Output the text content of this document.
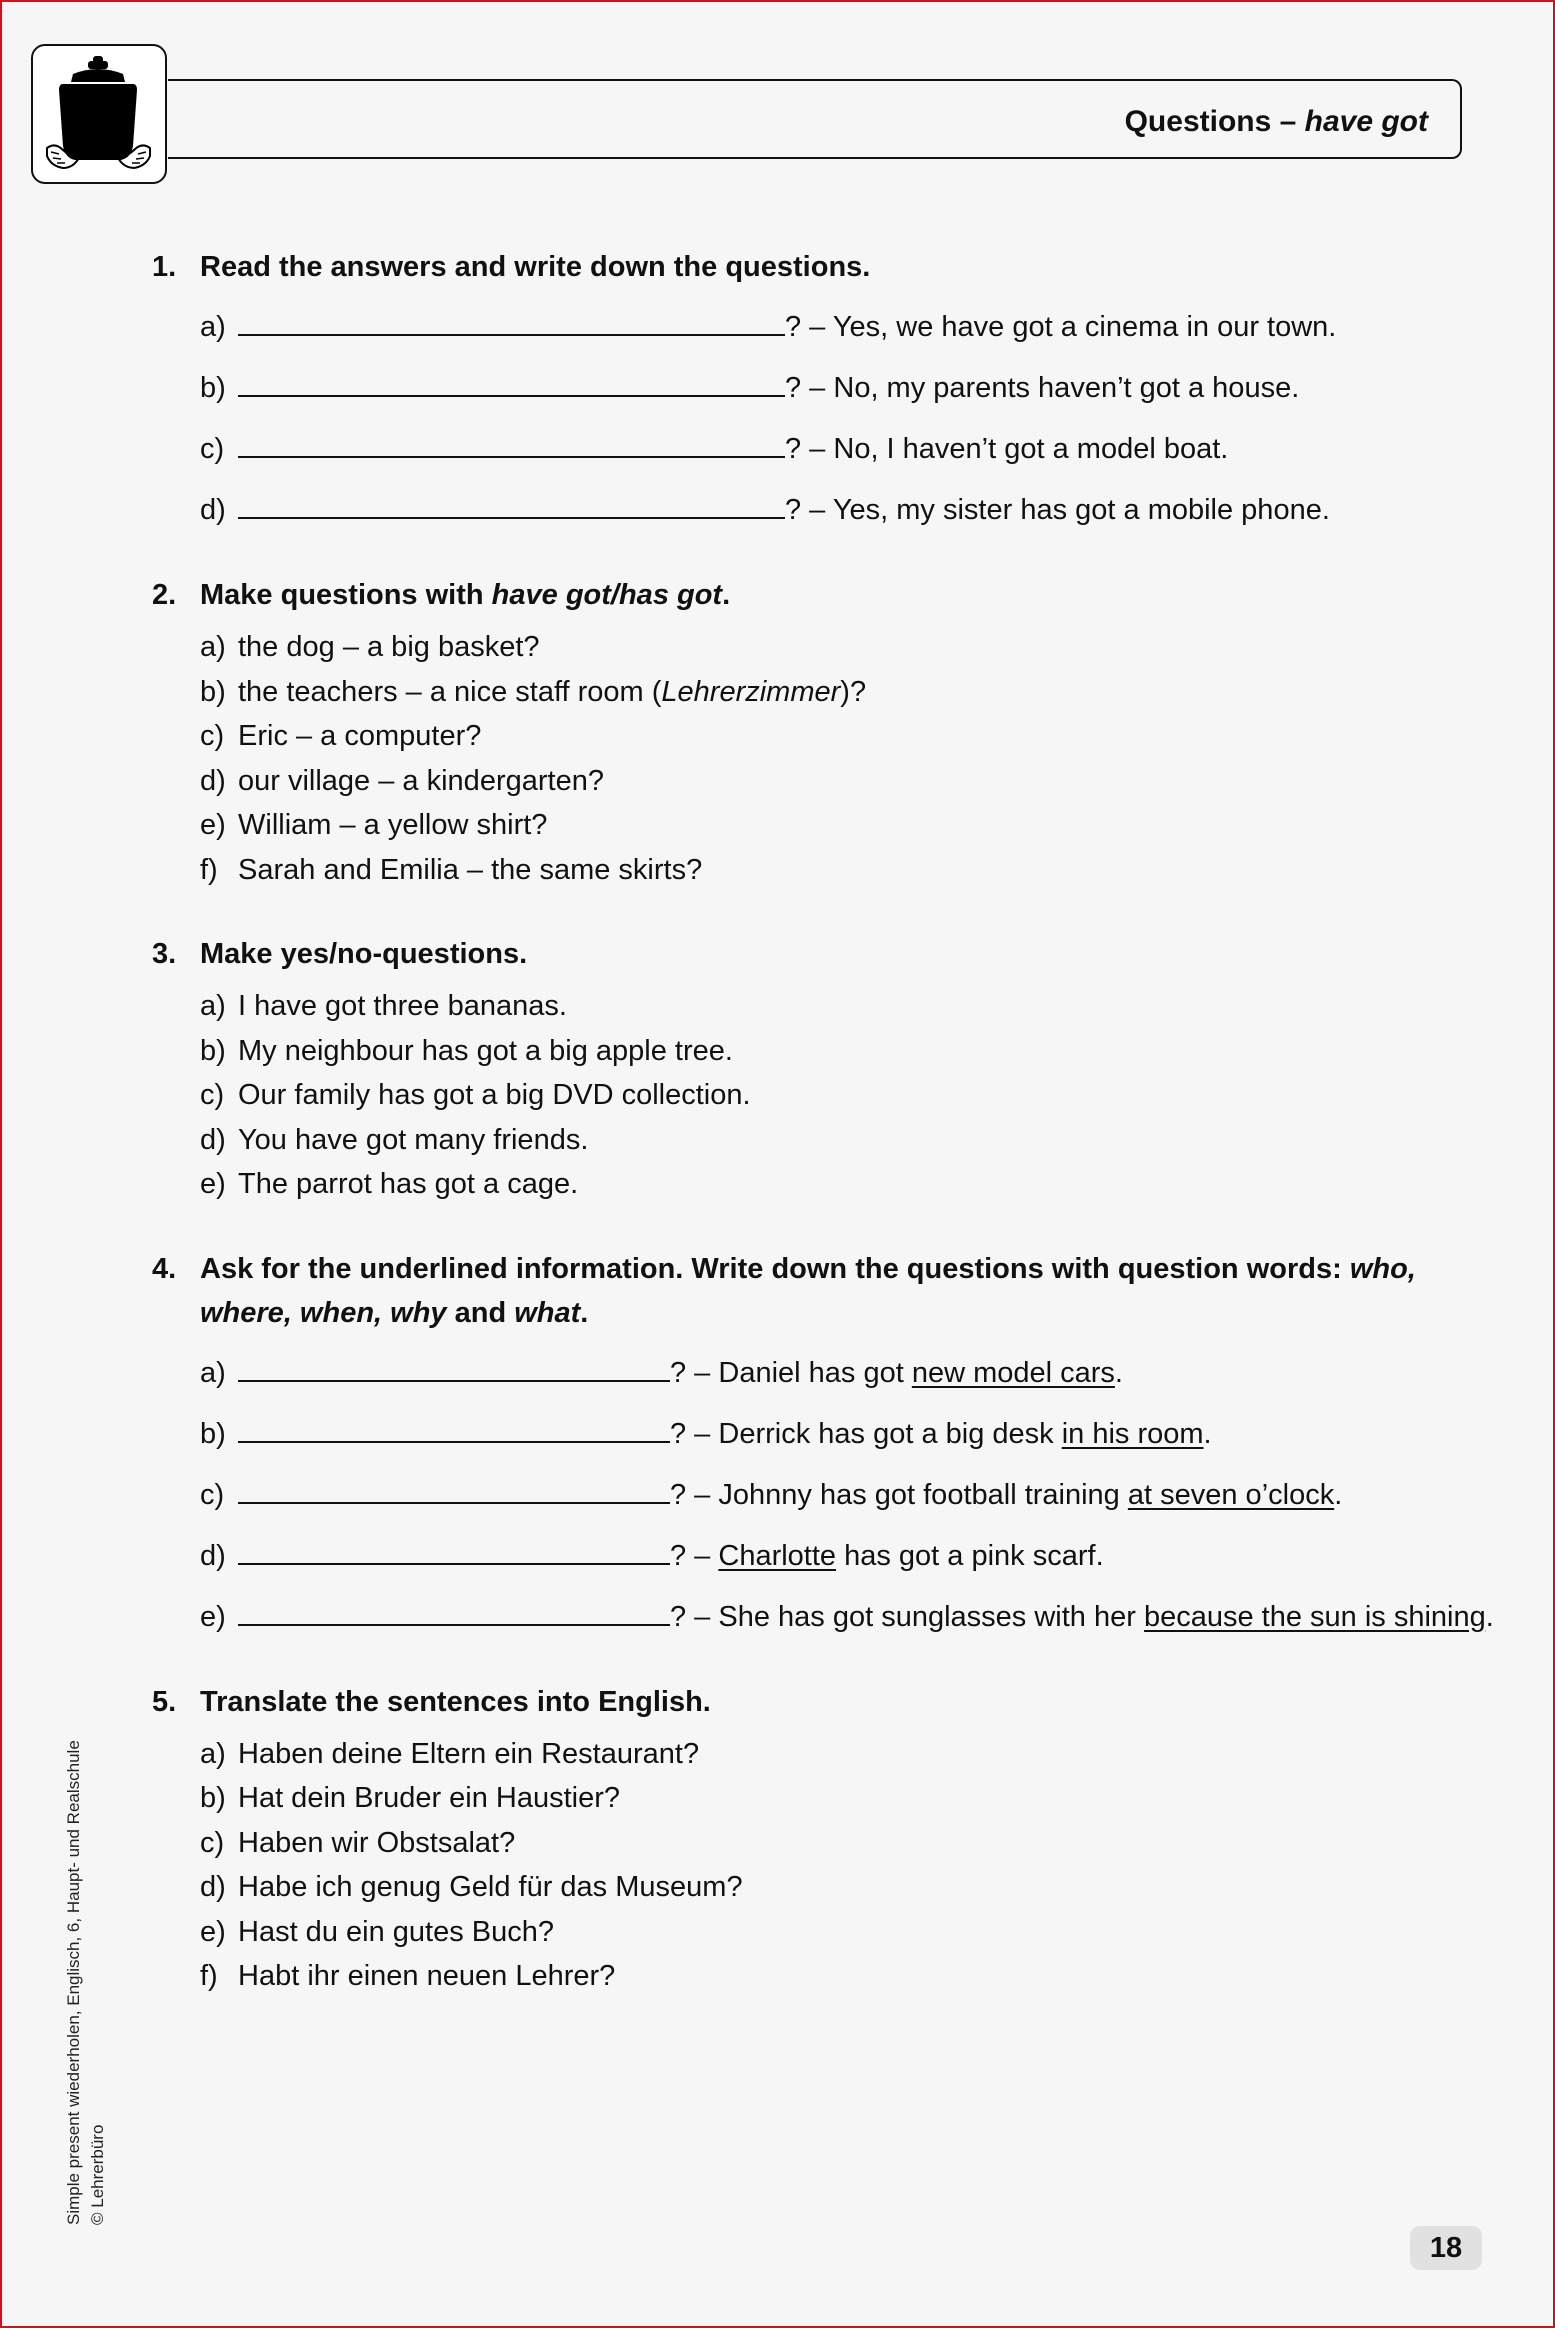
Questions – have got
1. Read the answers and write down the questions.
a)	? – Yes, we have got a cinema in our town.
b)	? – No, my parents haven’t got a house.
c)	? – No, I haven’t got a model boat.
d)	? – Yes, my sister has got a mobile phone.
2. Make questions with have got/has got.
a) the dog – a big basket?
b) the teachers – a nice staff room (Lehrerzimmer)?
c) Eric – a computer?
d) our village – a kindergarten?
e) William – a yellow shirt?
f) Sarah and Emilia – the same skirts?
3. Make yes/no-questions.
a) I have got three bananas.
b) My neighbour has got a big apple tree.
c) Our family has got a big DVD collection.
d) You have got many friends.
e) The parrot has got a cage.
4. Ask for the underlined information. Write down the questions with question words: who,
where, when, why and what.
a)	? – Daniel has got new model cars.
b)	? – Derrick has got a big desk in his room.
c)	? – Johnny has got football training at seven o’clock.
d)	? – Charlotte has got a pink scarf.
e)	? – She has got sunglasses with her because the sun is shining.
5. Translate the sentences into English.
a) Haben deine Eltern ein Restaurant?
b) Hat dein Bruder ein Haustier?
c) Haben wir Obstsalat?
d) Habe ich genug Geld für das Museum?
e) Hast du ein gutes Buch?
f) Habt ihr einen neuen Lehrer?
Simple present wiederholen, Englisch, 6, Haupt- und Realschule © Lehrerbüro
18
